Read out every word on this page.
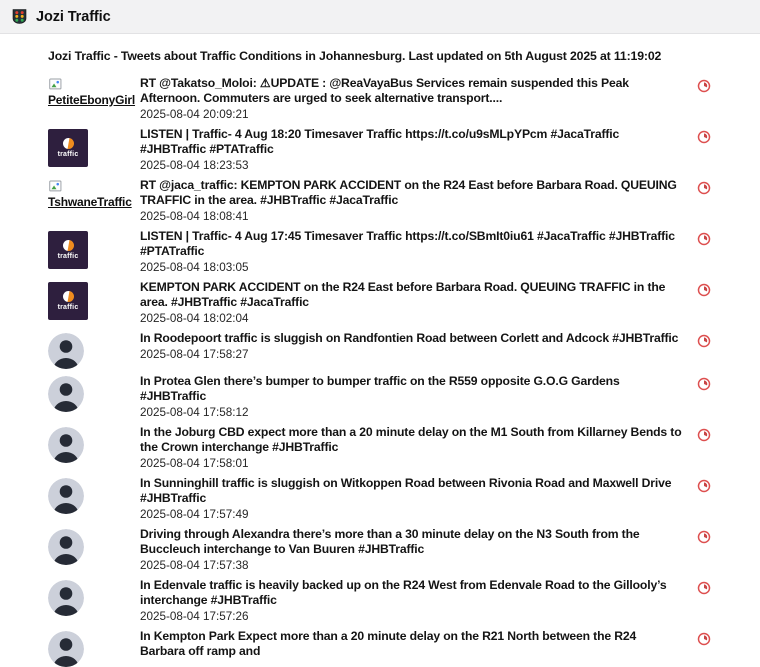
Jozi Traffic
Jozi Traffic - Tweets about Traffic Conditions in Johannesburg. Last updated on 5th August 2025 at 11:19:02
PetiteEbonyGirl
RT @Takatso_Moloi: ⚠UPDATE : @ReaVayaBus Services remain suspended this Peak Afternoon. Commuters are urged to seek alternative transport....
2025-08-04 20:09:21
traffic
LISTEN | Traffic- 4 Aug 18:20 Timesaver Traffic https://t.co/u9sMLpYPcm #JacaTraffic #JHBTraffic #PTATraffic
2025-08-04 18:23:53
TshwaneTraffic
RT @jaca_traffic: KEMPTON PARK ACCIDENT on the R24 East before Barbara Road. QUEUING TRAFFIC in the area. #JHBTraffic #JacaTraffic
2025-08-04 18:08:41
traffic
LISTEN | Traffic- 4 Aug 17:45 Timesaver Traffic https://t.co/SBmIt0iu61 #JacaTraffic #JHBTraffic #PTATraffic
2025-08-04 18:03:05
traffic
KEMPTON PARK ACCIDENT on the R24 East before Barbara Road. QUEUING TRAFFIC in the area. #JHBTraffic #JacaTraffic
2025-08-04 18:02:04
In Roodepoort traffic is sluggish on Randfontien Road between Corlett and Adcock #JHBTraffic
2025-08-04 17:58:27
In Protea Glen there’s bumper to bumper traffic on the R559 opposite G.O.G Gardens #JHBTraffic
2025-08-04 17:58:12
In the Joburg CBD expect more than a 20 minute delay on the M1 South from Killarney Bends to the Crown interchange #JHBTraffic
2025-08-04 17:58:01
In Sunninghill traffic is sluggish on Witkoppen Road between Rivonia Road and Maxwell Drive #JHBTraffic
2025-08-04 17:57:49
Driving through Alexandra there’s more than a 30 minute delay on the N3 South from the Buccleuch interchange to Van Buuren #JHBTraffic
2025-08-04 17:57:38
In Edenvale traffic is heavily backed up on the R24 West from Edenvale Road to the Gillooly’s interchange #JHBTraffic
2025-08-04 17:57:26
In Kempton Park Expect more than a 20 minute delay on the R21 North between the R24 Barbara off ramp and
